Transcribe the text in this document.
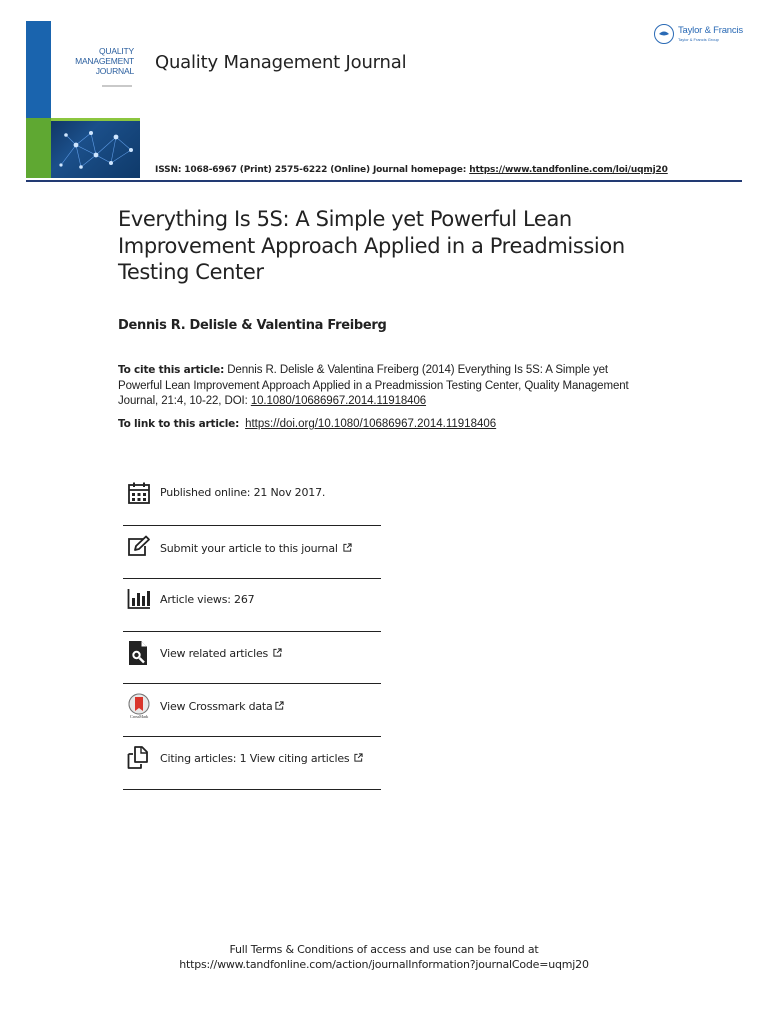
QUALITY
MANAGEMENT
JOURNAL Quality Management Journal
Taylor & Francis
Taylor & Francis Group
ISSN: 1068-6967 (Print) 2575-6222 (Online) Journal homepage: https://www.tandfonline.com/loi/uqmj20
Everything Is 5S: A Simple yet Powerful Lean Improvement Approach Applied in a Preadmission Testing Center
Dennis R. Delisle & Valentina Freiberg
To cite this article: Dennis R. Delisle & Valentina Freiberg (2014) Everything Is 5S: A Simple yet Powerful Lean Improvement Approach Applied in a Preadmission Testing Center, Quality Management Journal, 21:4, 10-22, DOI: 10.1080/10686967.2014.11918406
To link to this article: https://doi.org/10.1080/10686967.2014.11918406
Published online: 21 Nov 2017.
Submit your article to this journal
Article views: 267
View related articles
CrossMark
View Crossmark data
Citing articles: 1 View citing articles
Full Terms & Conditions of access and use can be found at
https://www.tandfonline.com/action/journalInformation?journalCode=uqmj20
